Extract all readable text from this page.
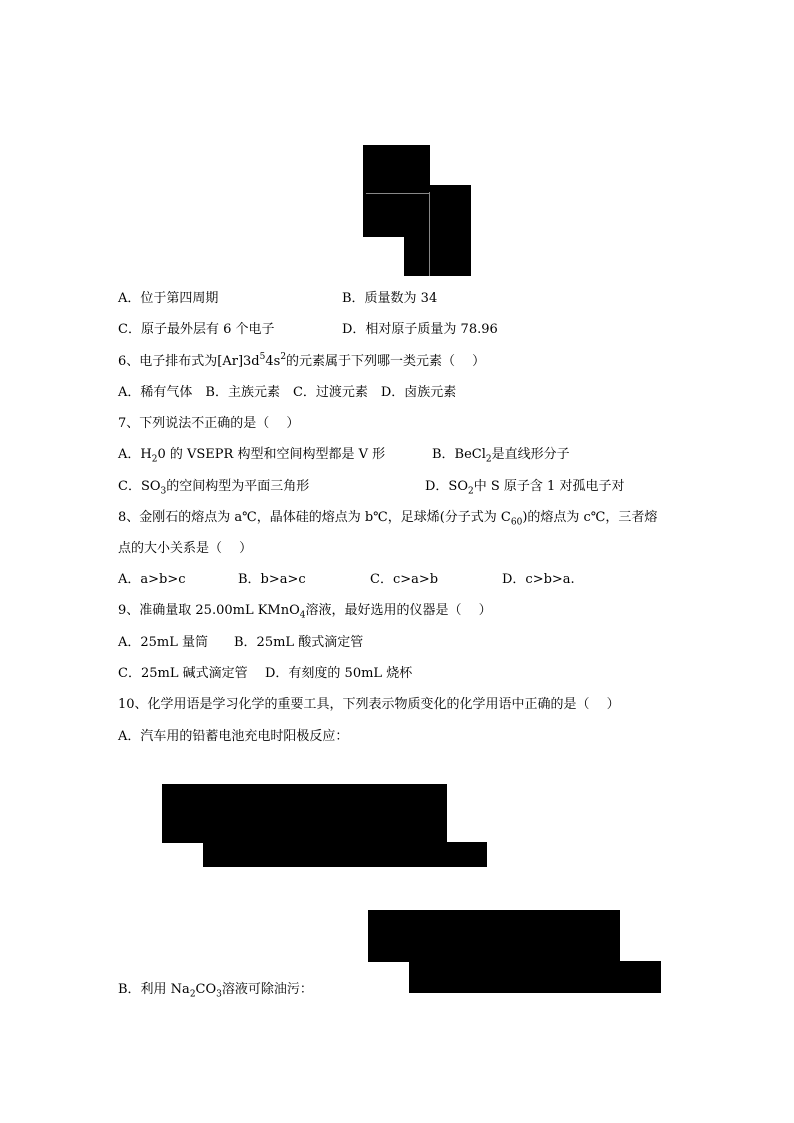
A．位于第四周期	B．质量数为 34
C．原子最外层有 6 个电子	D．相对原子质量为 78.96
6、电子排布式为$[Ar]3d^54s^2$的元素属于下列哪一类元素（　 ）
A．稀有气体　B．主族元素　C．过渡元素　D．卤族元素
7、下列说法不正确的是（　 ）
A．$H_20$ 的 VSEPR 构型和空间构型都是 V 形	B．BeCl$_2$是直线形分子
C．$SO_3$的空间构型为平面三角形	D．$SO_2$中 S 原子含 1 对孤电子对
8、金刚石的熔点为 a℃，晶体硅的熔点为 b℃，足球烯(分子式为 $C_{60}$)的熔点为 c℃，三者熔
点的大小关系是（　 ）
A．a>b>c	B．b>a>c	C．c>a>b	D．c>b>a.
9、准确量取 25.00mL KMnO$_4$溶液，最好选用的仪器是（　 ）
A．25mL 量筒 B．25mL 酸式滴定管
C．25mL 碱式滴定管 D．有刻度的 50mL 烧杯
10、化学用语是学习化学的重要工具，下列表示物质变化的化学用语中正确的是（　 ）
A．汽车用的铅蓄电池充电时阳极反应：
B．利用 $Na_2CO_3$溶液可除油污：
